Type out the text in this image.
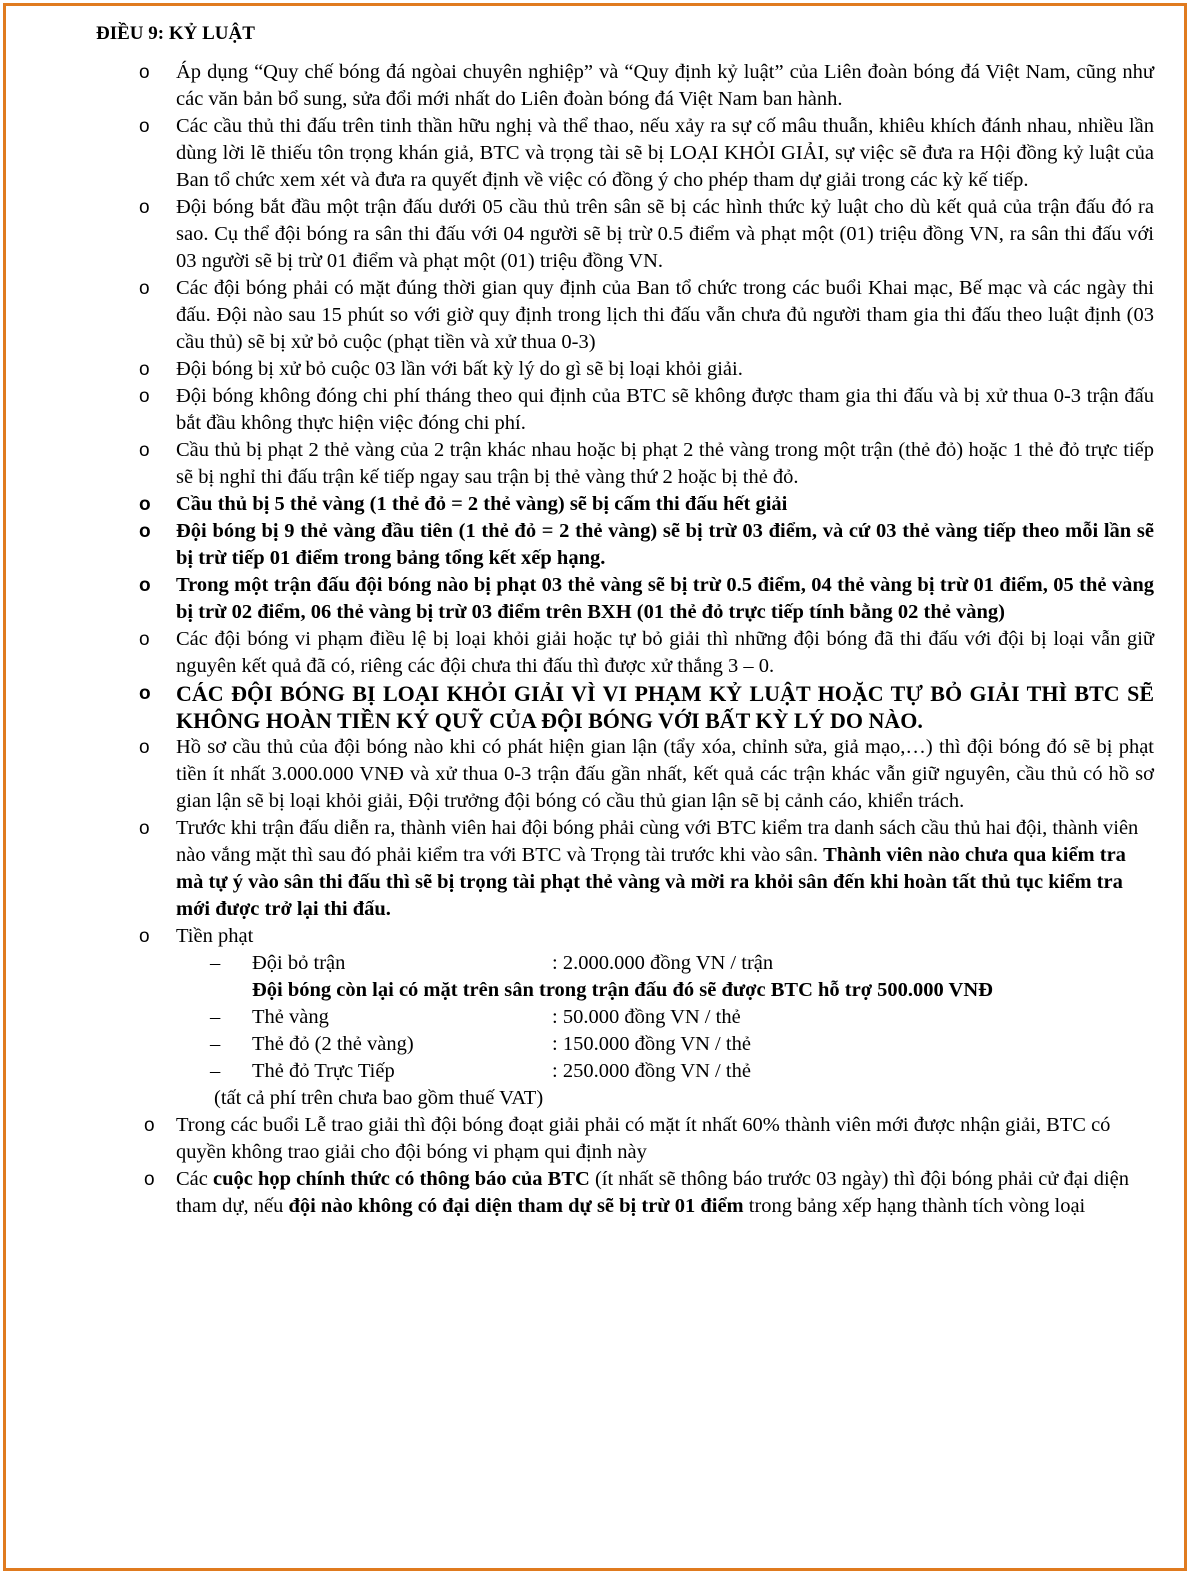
ĐIỀU 9: KỶ LUẬT

o Áp dụng “Quy chế bóng đá ngòai chuyên nghiệp” và “Quy định kỷ luật” của Liên đoàn bóng đá Việt Nam, cũng như các văn bản bổ sung, sửa đổi mới nhất do Liên đoàn bóng đá Việt Nam ban hành.
o Các cầu thủ thi đấu trên tinh thần hữu nghị và thể thao, nếu xảy ra sự cố mâu thuẫn, khiêu khích đánh nhau, nhiều lần dùng lời lẽ thiếu tôn trọng khán giả, BTC và trọng tài sẽ bị LOẠI KHỎI GIẢI, sự việc sẽ đưa ra Hội đồng kỷ luật của Ban tổ chức xem xét và đưa ra quyết định về việc có đồng ý cho phép tham dự giải trong các kỳ kế tiếp.
o Đội bóng bắt đầu một trận đấu dưới 05 cầu thủ trên sân sẽ bị các hình thức kỷ luật cho dù kết quả của trận đấu đó ra sao. Cụ thể đội bóng ra sân thi đấu với 04 người sẽ bị trừ 0.5 điểm và phạt một (01) triệu đồng VN, ra sân thi đấu với 03 người sẽ bị trừ 01 điểm và phạt một (01) triệu đồng VN.
o Các đội bóng phải có mặt đúng thời gian quy định của Ban tổ chức trong các buổi Khai mạc, Bế mạc và các ngày thi đấu. Đội nào sau 15 phút so với giờ quy định trong lịch thi đấu vẫn chưa đủ người tham gia thi đấu theo luật định (03 cầu thủ) sẽ bị xử bỏ cuộc (phạt tiền và xử thua 0-3)
o Đội bóng bị xử bỏ cuộc 03 lần với bất kỳ lý do gì sẽ bị loại khỏi giải.
o Đội bóng không đóng chi phí tháng theo qui định của BTC sẽ không được tham gia thi đấu và bị xử thua 0-3 trận đấu bắt đầu không thực hiện việc đóng chi phí.
o Cầu thủ bị phạt 2 thẻ vàng của 2 trận khác nhau hoặc bị phạt 2 thẻ vàng trong một trận (thẻ đỏ) hoặc 1 thẻ đỏ trực tiếp sẽ bị nghỉ thi đấu trận kế tiếp ngay sau trận bị thẻ vàng thứ 2 hoặc bị thẻ đỏ.
o Cầu thủ bị 5 thẻ vàng (1 thẻ đỏ = 2 thẻ vàng) sẽ bị cấm thi đấu hết giải
o Đội bóng bị 9 thẻ vàng đầu tiên (1 thẻ đỏ = 2 thẻ vàng) sẽ bị trừ 03 điểm, và cứ 03 thẻ vàng tiếp theo mỗi lần sẽ bị trừ tiếp 01 điểm trong bảng tổng kết xếp hạng.
o Trong một trận đấu đội bóng nào bị phạt 03 thẻ vàng sẽ bị trừ 0.5 điểm, 04 thẻ vàng bị trừ 01 điểm, 05 thẻ vàng bị trừ 02 điểm, 06 thẻ vàng bị trừ 03 điểm trên BXH (01 thẻ đỏ trực tiếp tính bằng 02 thẻ vàng)
o Các đội bóng vi phạm điều lệ bị loại khỏi giải hoặc tự bỏ giải thì những đội bóng đã thi đấu với đội bị loại vẫn giữ nguyên kết quả đã có, riêng các đội chưa thi đấu thì được xử thắng 3 – 0.
o CÁC ĐỘI BÓNG BỊ LOẠI KHỎI GIẢI VÌ VI PHẠM KỶ LUẬT HOẶC TỰ BỎ GIẢI THÌ BTC SẼ KHÔNG HOÀN TIỀN KÝ QUỸ CỦA ĐỘI BÓNG VỚI BẤT KỲ LÝ DO NÀO.
o Hồ sơ cầu thủ của đội bóng nào khi có phát hiện gian lận (tẩy xóa, chỉnh sửa, giả mạo,…) thì đội bóng đó sẽ bị phạt tiền ít nhất 3.000.000 VNĐ và xử thua 0-3 trận đấu gần nhất, kết quả các trận khác vẫn giữ nguyên, cầu thủ có hồ sơ gian lận sẽ bị loại khỏi giải, Đội trưởng đội bóng có cầu thủ gian lận sẽ bị cảnh cáo, khiển trách.
o Trước khi trận đấu diễn ra, thành viên hai đội bóng phải cùng với BTC kiểm tra danh sách cầu thủ hai đội, thành viên nào vắng mặt thì sau đó phải kiểm tra với BTC và Trọng tài trước khi vào sân. Thành viên nào chưa qua kiểm tra mà tự ý vào sân thi đấu thì sẽ bị trọng tài phạt thẻ vàng và mời ra khỏi sân đến khi hoàn tất thủ tục kiểm tra mới được trở lại thi đấu.
o Tiền phạt
– Đội bỏ trận	: 2.000.000 đồng VN / trận
Đội bóng còn lại có mặt trên sân trong trận đấu đó sẽ được BTC hỗ trợ 500.000 VNĐ
– Thẻ vàng	: 50.000 đồng VN / thẻ
– Thẻ đỏ (2 thẻ vàng)	: 150.000 đồng VN / thẻ
– Thẻ đỏ Trực Tiếp	: 250.000 đồng VN / thẻ
(tất cả phí trên chưa bao gồm thuế VAT)
o Trong các buổi Lễ trao giải thì đội bóng đoạt giải phải có mặt ít nhất 60% thành viên mới được nhận giải, BTC có quyền không trao giải cho đội bóng vi phạm qui định này
o Các cuộc họp chính thức có thông báo của BTC (ít nhất sẽ thông báo trước 03 ngày) thì đội bóng phải cử đại diện tham dự, nếu đội nào không có đại diện tham dự sẽ bị trừ 01 điểm trong bảng xếp hạng thành tích vòng loại
